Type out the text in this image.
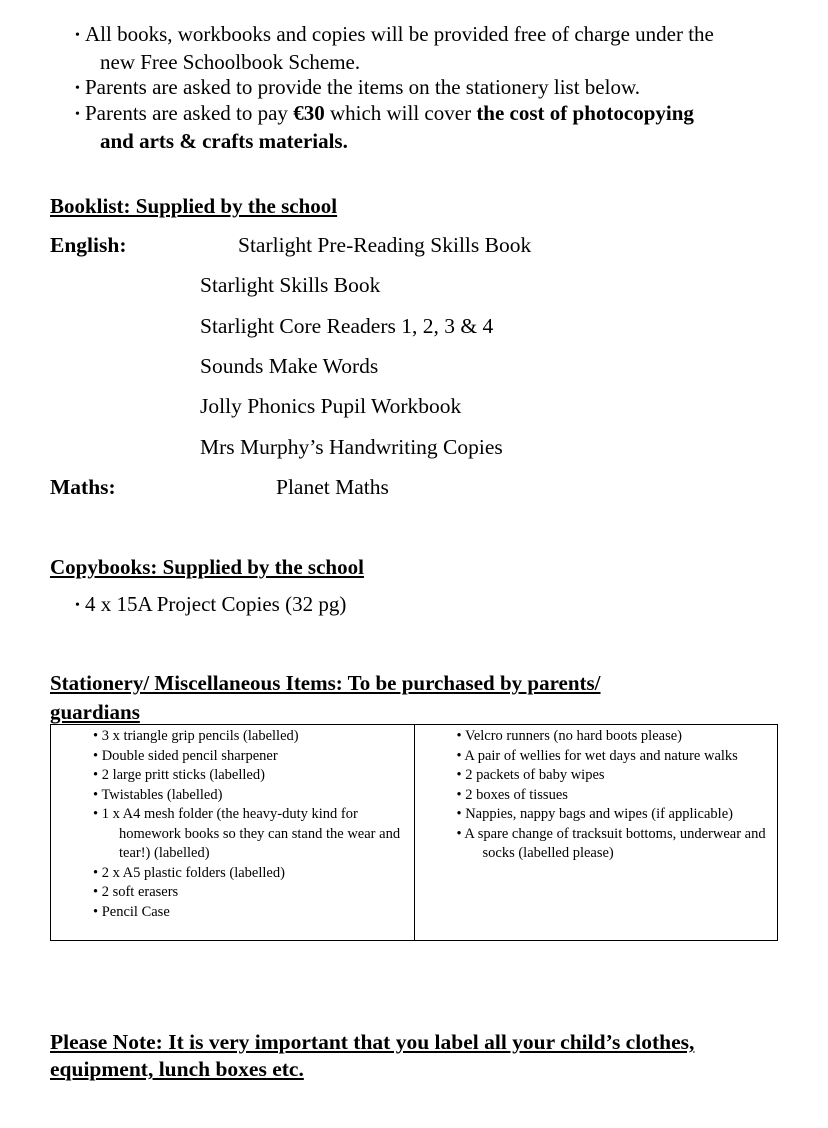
• All books, workbooks and copies will be provided free of charge under the
new Free Schoolbook Scheme.
• Parents are asked to provide the items on the stationery list below.
• Parents are asked to pay €30 which will cover the cost of photocopying
and arts & crafts materials.
Booklist: Supplied by the school
English:	Starlight Pre-Reading Skills Book
Starlight Skills Book
Starlight Core Readers 1, 2, 3 & 4
Sounds Make Words
Jolly Phonics Pupil Workbook
Mrs Murphy’s Handwriting Copies
Maths:	Planet Maths
Copybooks: Supplied by the school
• 4 x 15A Project Copies (32 pg)
Stationery/ Miscellaneous Items: To be purchased by parents/
guardians
• 3 x triangle grip pencils (labelled)
• Double sided pencil sharpener
• 2 large pritt sticks (labelled)
• Twistables (labelled)
• 1 x A4 mesh folder (the heavy-duty kind for
homework books so they can stand the wear and tear!) (labelled)
• 2 x A5 plastic folders (labelled)
• 2 soft erasers
• Pencil Case

• Velcro runners (no hard boots please)
• A pair of wellies for wet days and nature walks
• 2 packets of baby wipes
• 2 boxes of tissues
• Nappies, nappy bags and wipes (if applicable)
• A spare change of tracksuit bottoms, underwear and
socks (labelled please)
Please Note: It is very important that you label all your child’s clothes,
equipment, lunch boxes etc.
